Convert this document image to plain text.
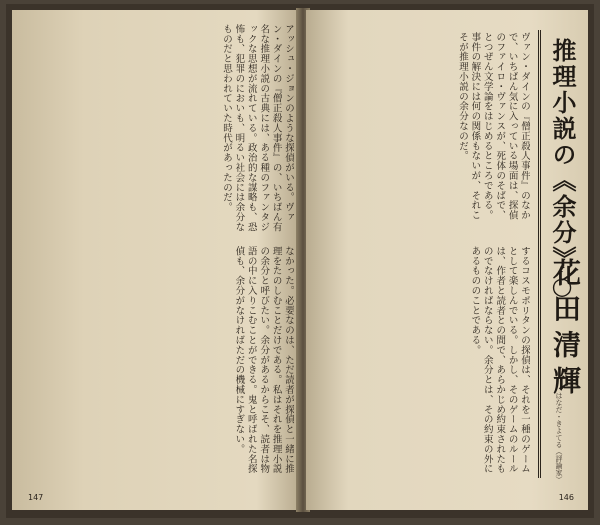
アッシュ・ジョンのような探偵がいる。ヴァン・ダインの『僧正殺人事件』の、いちばん有名な推理小説の古典には、ある種のファンタジックな思想が流れている。政治的な謀略も、恐怖も、犯罪のにおいも、明るい社会には余分なものだと思われていた時代があったのだ。
なかった。必要なのは、ただ読者が探偵と一緒に推理をたのしむことだけである。私はそれを推理小説の余分と呼びたい。余分があるからこそ、読者は物語の中に入りこむことができる。鬼と呼ばれた名探偵も、余分がなければただの機械にすぎない。
147
ヴァン・ダインの『僧正殺人事件』のなかで、いちばん気に入っている場面は、探偵のファイロ・ヴァンスが、死体のそばで、とつぜん文学論をはじめるところである。事件の解決には何の関係もないが、それこそが推理小説の余分なのだ。
するコスモポリタンの探偵は、それを一種のゲームとして楽しんでいる。しかし、そのゲームのルールは、作者と読者との間で、あらかじめ約束されたものでなければならない。余分とは、その約束の外にあるもののことである。	推理小説の《余分》○
花田清輝
はなだ・きよてる（評論家）
146
